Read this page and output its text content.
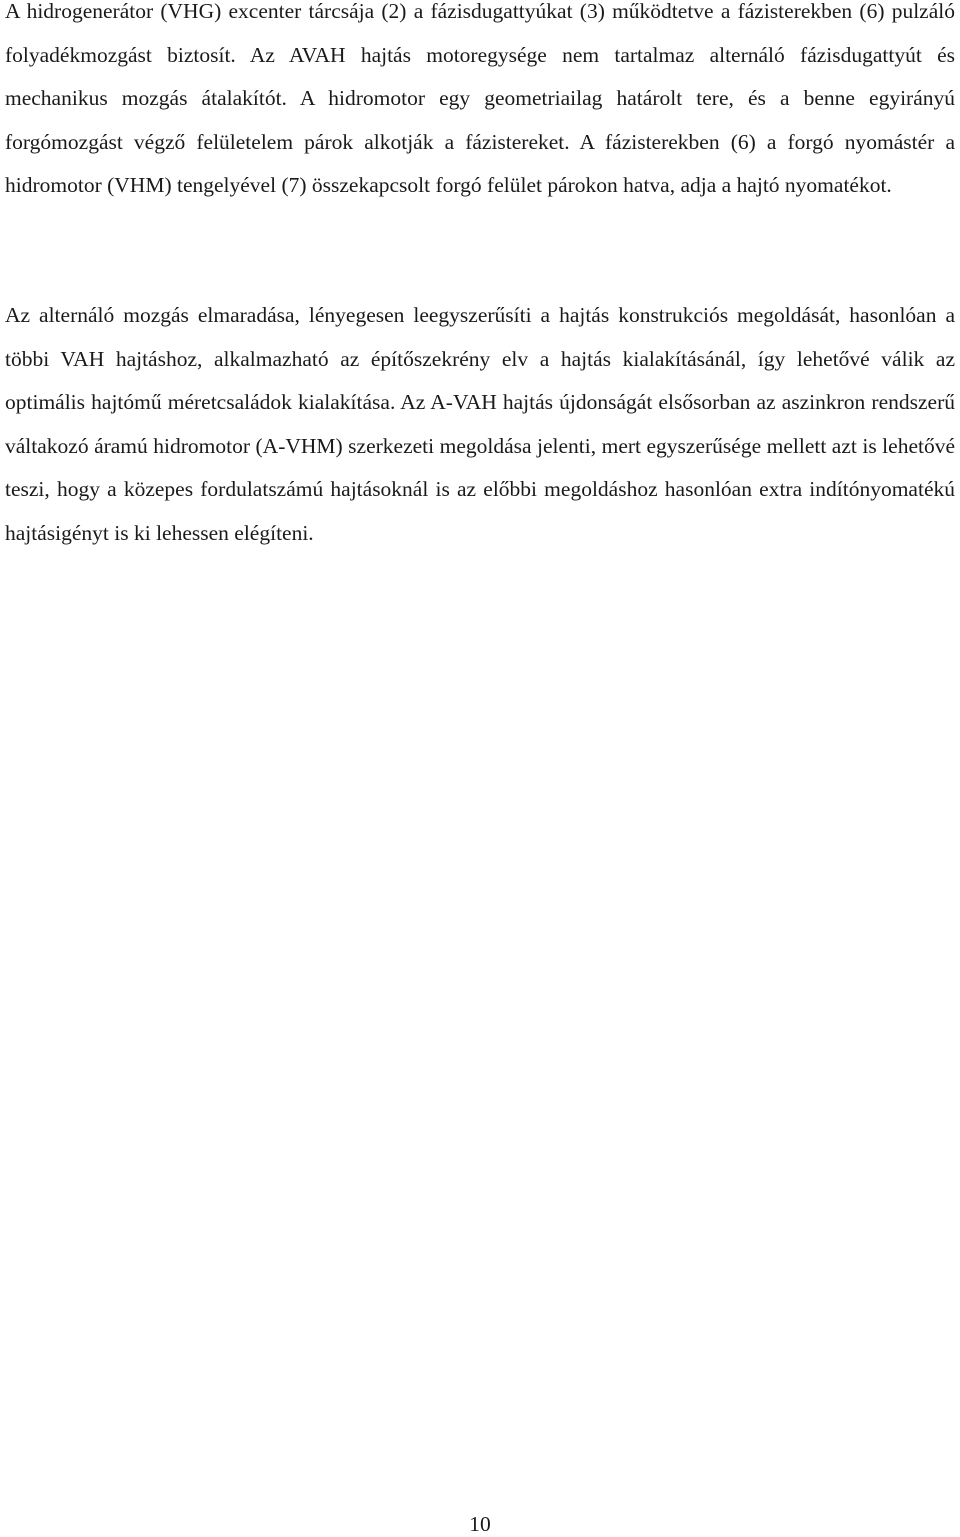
A hidrogenerátor (VHG) excenter tárcsája (2) a fázisdugattyúkat (3) működtetve a fázisterekben (6) pulzáló folyadékmozgást biztosít. Az AVAH hajtás motoregysége nem tartalmaz alternáló fázisdugattyút és mechanikus mozgás átalakítót. A hidromotor egy geometriailag határolt tere, és a benne egyirányú forgómozgást végző felületelem párok alkotják a fázistereket. A fázisterekben (6) a forgó nyomástér a hidromotor (VHM) tengelyével (7) összekapcsolt forgó felület párokon hatva, adja a hajtó nyomatékot.

Az alternáló mozgás elmaradása, lényegesen leegyszerűsíti a hajtás konstrukciós megoldását, hasonlóan a többi VAH hajtáshoz, alkalmazható az építőszekrény elv a hajtás kialakításánál, így lehetővé válik az optimális hajtómű méretcsaládok kialakítása. Az A-VAH hajtás újdonságát elsősorban az aszinkron rendszerű váltakozó áramú hidromotor (A-VHM) szerkezeti megoldása jelenti, mert egyszerűsége mellett azt is lehetővé teszi, hogy a közepes fordulatszámú hajtásoknál is az előbbi megoldáshoz hasonlóan extra indítónyomatékú hajtásigényt is ki lehessen elégíteni.

10
